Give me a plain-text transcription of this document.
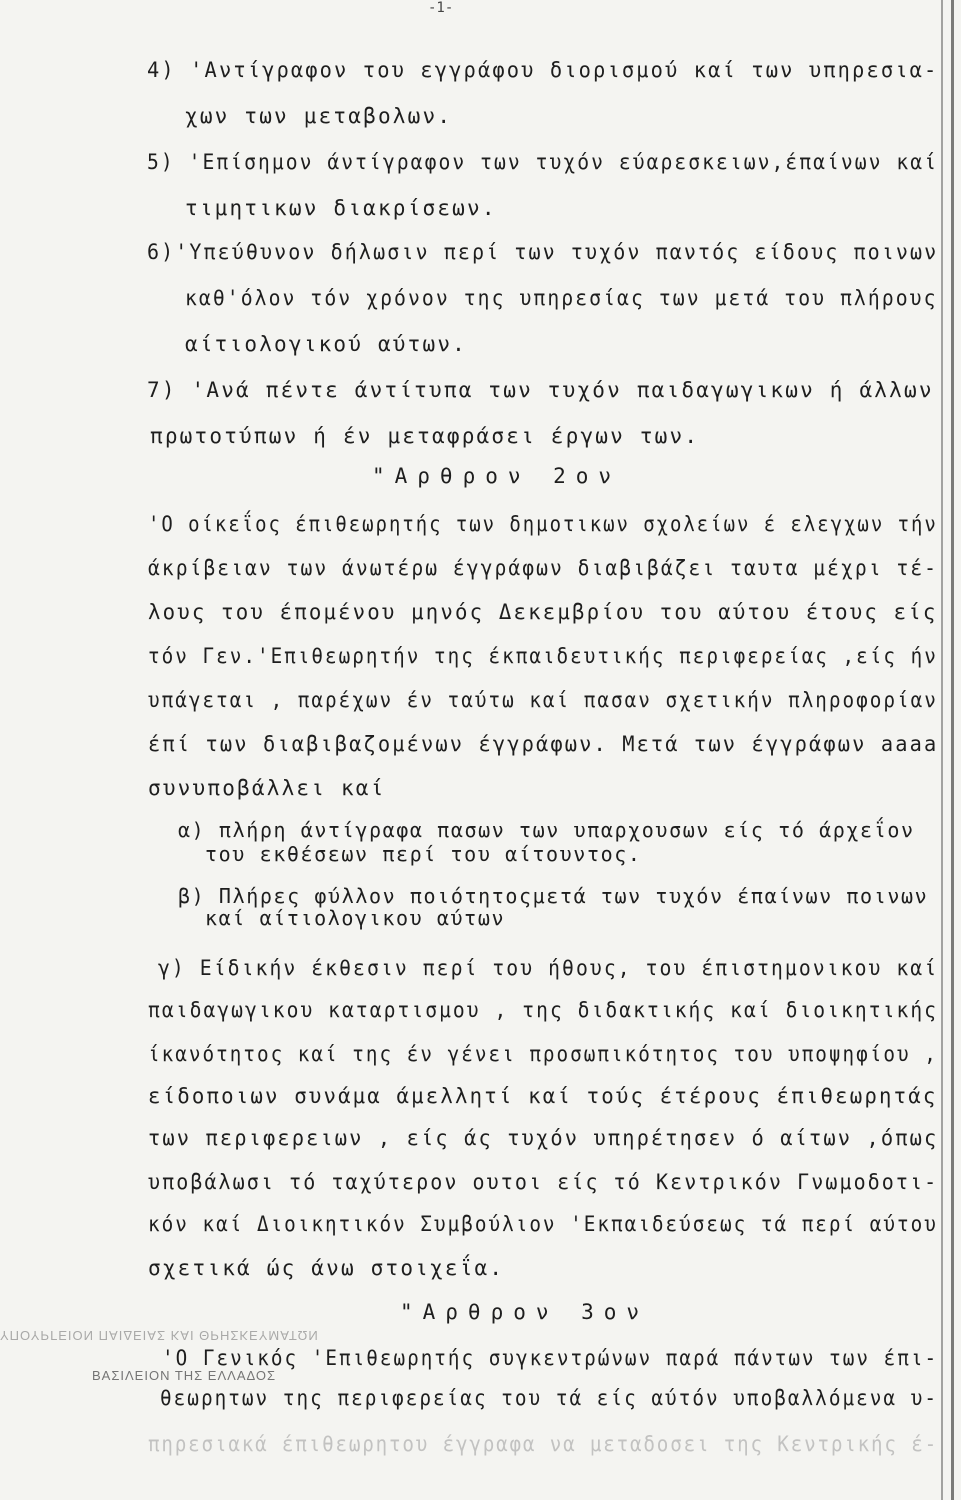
-1-
4) 'Αντίγραφον του εγγράφου διορισμού καί των υπηρεσια-
χων των μεταβολων.
5) 'Επίσημον άντίγραφον των τυχόν εύαρεσκειων,έπαίνων καί
τιμητικων διακρίσεων.
6)'Υπεύθυνον δήλωσιν περί των τυχόν παντός είδους ποινων
καθ'όλον τόν χρόνον της υπηρεσίας των μετά του πλήρους
αίτιολογικού αύτων.
7) 'Ανά πέντε άντίτυπα των τυχόν παιδαγωγικων ή άλλων
πρωτοτύπων ή έν μεταφράσει έργων των.
"Αρθρον 2ον
'Ο οίκεΐος έπιθεωρητής των δημοτικων σχολείων έ ελεγχων τήν
άκρίβειαν των άνωτέρω έγγράφων διαβιβάζει ταυτα μέχρι τέ-
λους του έπομένου μηνός Δεκεμβρίου του αύτου έτους είς
τόν Γεν.'Επιθεωρητήν της έκπαιδευτικής περιφερείας ,είς ήν
υπάγεται , παρέχων έν ταύτω καί πασαν σχετικήν πληροφορίαν
έπί των διαβιβαζομένων έγγράφων. Μετά των έγγράφων aaaa
συνυποβάλλει καί
α) πλήρη άντίγραφα πασων των υπαρχουσων είς τό άρχεΐον
του εκθέσεων περί του αίτουντος.
β) Πλήρες φύλλον ποιότητοςμετά των τυχόν έπαίνων ποινων
καί αίτιολογικου αύτων
γ) Είδικήν έκθεσιν περί του ήθους, του έπιστημονικου καί
παιδαγωγικου καταρτισμου , της διδακτικής καί διοικητικής
ίκανότητος καί της έν γένει προσωπικότητος του υποψηφίου ,
είδοποιων συνάμα άμελλητί καί τούς έτέρους έπιθεωρητάς
των περιφερειων , είς άς τυχόν υπηρέτησεν ό αίτων ,όπως
υποβάλωσι τό ταχύτερον ουτοι είς τό Κεντρικόν Γνωμοδοτι-
κόν καί Διοικητικόν Συμβούλιον 'Εκπαιδεύσεως τά περί αύτου
σχετικά ώς άνω στοιχεΐα.
ΥΠΟΥΡΓΕΙΟΝ ΠΑΙΔΕΙΑΣ ΚΑΙ ΘΡΗΣΚΕΥΜΑΤΩΝ
"Αρθρον 3ον
'Ο Γενικός 'Επιθεωρητής συγκεντρώνων παρά πάντων των έπι-
ΒΑΣΙΛΕΙΟΝ ΤΗΣ ΕΛΛΑΔΟΣ
θεωρητων της περιφερείας του τά είς αύτόν υποβαλλόμενα υ-
πηρεσιακά έπιθεωρητου έγγραφα να μεταδοσει της Κεντρικής έ-
